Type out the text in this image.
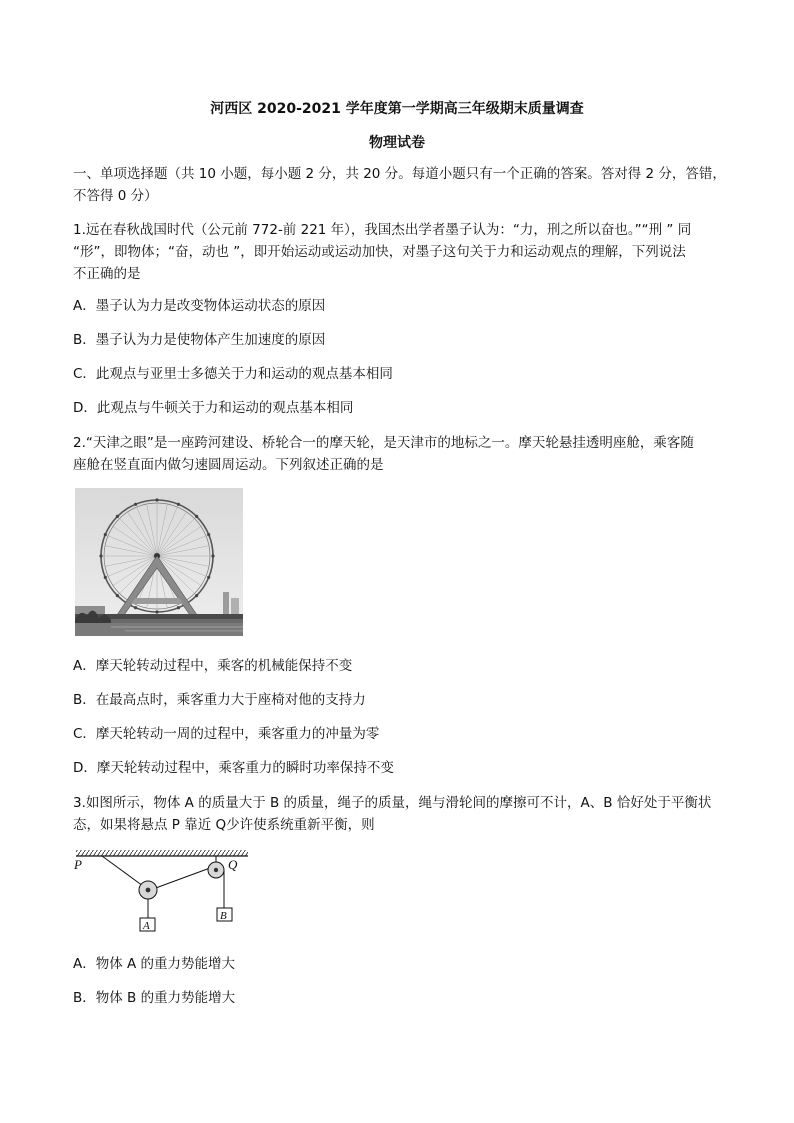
河西区 2020-2021 学年度第一学期高三年级期末质量调查
物理试卷
一、单项选择题（共 10 小题，每小题 2 分，共 20 分。每道小题只有一个正确的答案。答对得 2 分，答错，
不答得 0 分）
1.远在春秋战国时代（公元前 772-前 221 年），我国杰出学者墨子认为：“力，刑之所以奋也。”“刑 ” 同
“形”，即物体；“奋，动也 ”，即开始运动或运动加快，对墨子这句关于力和运动观点的理解，下列说法
不正确的是
A．墨子认为力是改变物体运动状态的原因
B．墨子认为力是使物体产生加速度的原因
C．此观点与亚里士多德关于力和运动的观点基本相同
D．此观点与牛顿关于力和运动的观点基本相同
2.“天津之眼”是一座跨河建设、桥轮合一的摩天轮，是天津市的地标之一。摩天轮悬挂透明座舱，乘客随
座舱在竖直面内做匀速圆周运动。下列叙述正确的是
A．摩天轮转动过程中，乘客的机械能保持不变
B．在最高点时，乘客重力大于座椅对他的支持力
C．摩天轮转动一周的过程中，乘客重力的冲量为零
D．摩天轮转动过程中，乘客重力的瞬时功率保持不变
3.如图所示，物体 A 的质量大于 B 的质量，绳子的质量，绳与滑轮间的摩擦可不计，A、B 恰好处于平衡状
态，如果将悬点 P 靠近 Q少许使系统重新平衡，则
P	Q
A
B
A．物体 A 的重力势能增大
B．物体 B 的重力势能增大
